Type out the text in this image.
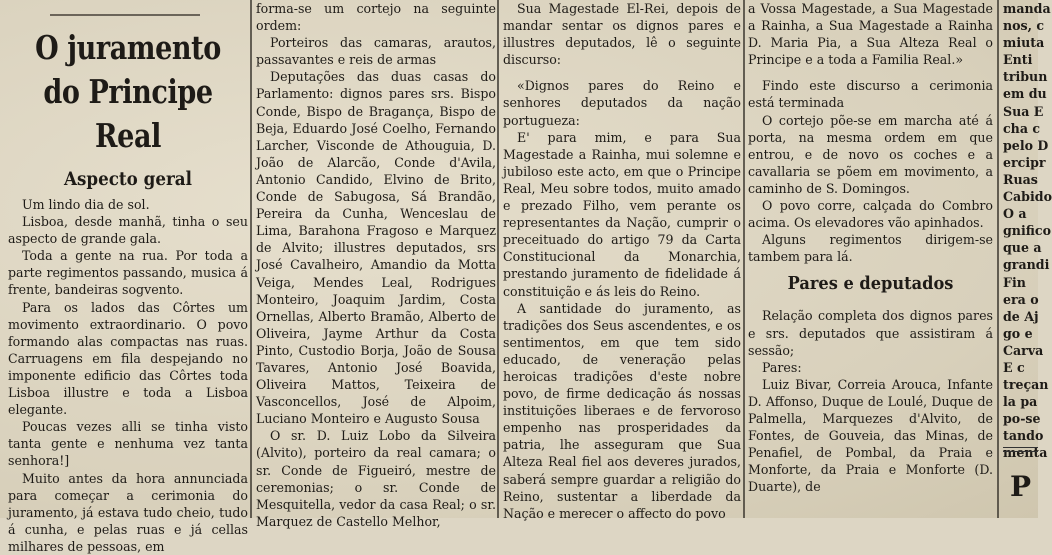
O juramento
do Principe Real
Aspecto geral

Um lindo dia de sol.

Lisboa, desde manhã, tinha o seu aspecto de grande gala.

Toda a gente na rua. Por toda a parte regimentos passando, musica á frente, bandeiras sogvento.

Para os lados das Côrtes um movimento extraordinario. O povo formando alas compactas nas ruas. Carruagens em fila despejando no imponente edificio das Côrtes toda Lisboa illustre e toda a Lisboa elegante.

Poucas vezes alli se tinha visto tanta gente e nenhuma vez tanta senhora!]

Muito antes da hora annunciada para começar a cerimonia do juramento, já estava tudo cheio, tudo á cunha, e pelas ruas e já cellas milhares de pessoas, em

forma-se um cortejo na seguinte ordem:

Porteiros das camaras, arautos, passavantes e reis de armas

Deputações das duas casas do Parlamento: dignos pares srs. Bispo Conde, Bispo de Bragança, Bispo de Beja, Eduardo José Coelho, Fernando Larcher, Visconde de Athouguia, D. João de Alarcão, Conde d'Avila, Antonio Candido, Elvino de Brito, Conde de Sabugosa, Sá Brandão, Pereira da Cunha, Wenceslau de Lima, Barahona Fragoso e Marquez de Alvito; illustres deputados, srs José Cavalheiro, Amandio da Motta Veiga, Mendes Leal, Rodrigues Monteiro, Joaquim Jardim, Costa Ornellas, Alberto Bramão, Alberto de Oliveira, Jayme Arthur da Costa Pinto, Custodio Borja, João de Sousa Tavares, Antonio José Boavida, Oliveira Mattos, Teixeira de Vasconcellos, José de Alpoim, Luciano Monteiro e Augusto Sousa

O sr. D. Luiz Lobo da Silveira (Alvito), porteiro da real camara; o sr. Conde de Figueiró, mestre de ceremonias; o sr. Conde de Mesquitella, vedor da casa Real; o sr. Marquez de Castello Melhor,

Sua Magestade El-Rei, depois de mandar sentar os dignos pares e illustres deputados, lê o seguinte discurso:

«Dignos pares do Reino e senhores deputados da nação portugueza:

E' para mim, e para Sua Magestade a Rainha, mui solemne e jubiloso este acto, em que o Principe Real, Meu sobre todos, muito amado e prezado Filho, vem perante os representantes da Nação, cumprir o preceituado do artigo 79 da Carta Constitucional da Monarchia, prestando juramento de fidelidade á constituição e ás leis do Reino.

A santidade do juramento, as tradições dos Seus ascendentes, e os sentimentos, em que tem sido educado, de veneração pelas heroicas tradições d'este nobre povo, de firme dedicação ás nossas instituições liberaes e de fervoroso empenho nas prosperidades da patria, lhe asseguram que Sua Alteza Real fiel aos deveres jurados, saberá sempre guardar a religião do Reino, sustentar a liberdade da Nação e merecer o affecto do povo

a Vossa Magestade, a Sua Magestade a Rainha, a Sua Magestade a Rainha D. Maria Pia, a Sua Alteza Real o Principe e a toda a Familia Real.»

Findo este discurso a cerimonia está terminada

O cortejo põe-se em marcha até á porta, na mesma ordem em que entrou, e de novo os coches e a cavallaria se põem em movimento, a caminho de S. Domingos.

O povo corre, calçada do Combro acima. Os elevadores vão apinhados.

Alguns regimentos dirigem-se tambem para lá.

Pares e deputados

Relação completa dos dignos pares e srs. deputados que assistiram á sessão;

Pares:

Luiz Bivar, Correia Arouca, Infante D. Affonso, Duque de Loulé, Duque de Palmella, Marquezes d'Alvito, de Fontes, de Gouveia, das Minas, de Penafiel, de Pombal, da Praia e Monforte, da Praia e Monforte (D. Duarte), de

manda
nos, c
miuta
Enti
tribun
em du
Sua E
cha c
pelo D
ercipr
Ruas
Cabido
O a
gnifico
que a
grandi
Fin
era o
de Aj
go e
Carva
E c
treçan
la pa
po-se
tando
menta
P
